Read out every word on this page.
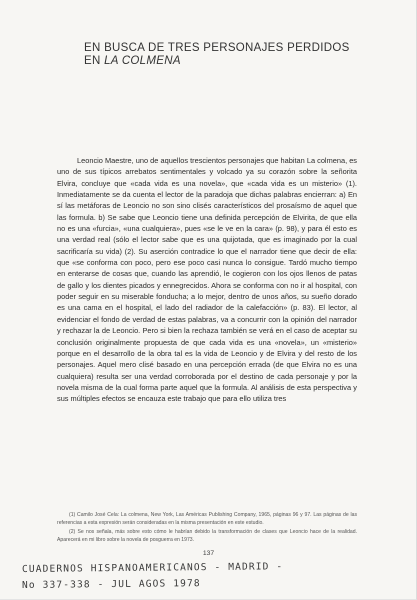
EN BUSCA DE TRES PERSONAJES PERDIDOS
EN LA COLMENA

Leoncio Maestre, uno de aquellos trescientos personajes que habitan La colmena, es uno de sus típicos arrebatos sentimentales y volcado ya su corazón sobre la señorita Elvira, concluye que «cada vida es una novela», que «cada vida es un misterio» (1). Inmediatamente se da cuenta el lector de la paradoja que dichas palabras encierran: a) En sí las metáforas de Leoncio no son sino clisés característicos del prosaísmo de aquel que las formula. b) Se sabe que Leoncio tiene una definida percepción de Elvirita, de que ella no es una «furcia», «una cualquiera», pues «se le ve en la cara» (p. 98), y para él esto es una verdad real (sólo el lector sabe que es una quijotada, que es imaginado por la cual sacrificaría su vida) (2). Su aserción contradice lo que el narrador tiene que decir de ella: que «se conforma con poco, pero ese poco casi nunca lo consigue. Tardó mucho tiempo en enterarse de cosas que, cuando las aprendió, le cogieron con los ojos llenos de patas de gallo y los dientes picados y ennegrecidos. Ahora se conforma con no ir al hospital, con poder seguir en su miserable fonducha; a lo mejor, dentro de unos años, su sueño dorado es una cama en el hospital, el lado del radiador de la calefacción» (p. 83). El lector, al evidenciar el fondo de verdad de estas palabras, va a concurrir con la opinión del narrador y rechazar la de Leoncio. Pero si bien la rechaza también se verá en el caso de aceptar su conclusión originalmente propuesta de que cada vida es una «novela», un «misterio» porque en el desarrollo de la obra tal es la vida de Leoncio y de Elvira y del resto de los personajes. Aquel mero clisé basado en una percepción errada (de que Elvira no es una cualquiera) resulta ser una verdad corroborada por el destino de cada personaje y por la novela misma de la cual forma parte aquel que la formula. Al análisis de esta perspectiva y sus múltiples efectos se encauza este trabajo que para ello utiliza tres

(1) Camilo José Cela: La colmena, New York, Las Américas Publishing Company, 1965, páginas 96 y 97. Las páginas de las referencias a esta expresión serán consideradas en la misma presentación en este estudio.

(2) Se nos señala, más sobre esto cómo le habrían debido la transformación de clases que Leoncio hace de la realidad. Aparecerá en mi libro sobre la novela de posguerra en 1973.

137
CUADERNOS HISPANOAMERICANOS - MADRID -
No 337-338 - JUL AGOS 1978
